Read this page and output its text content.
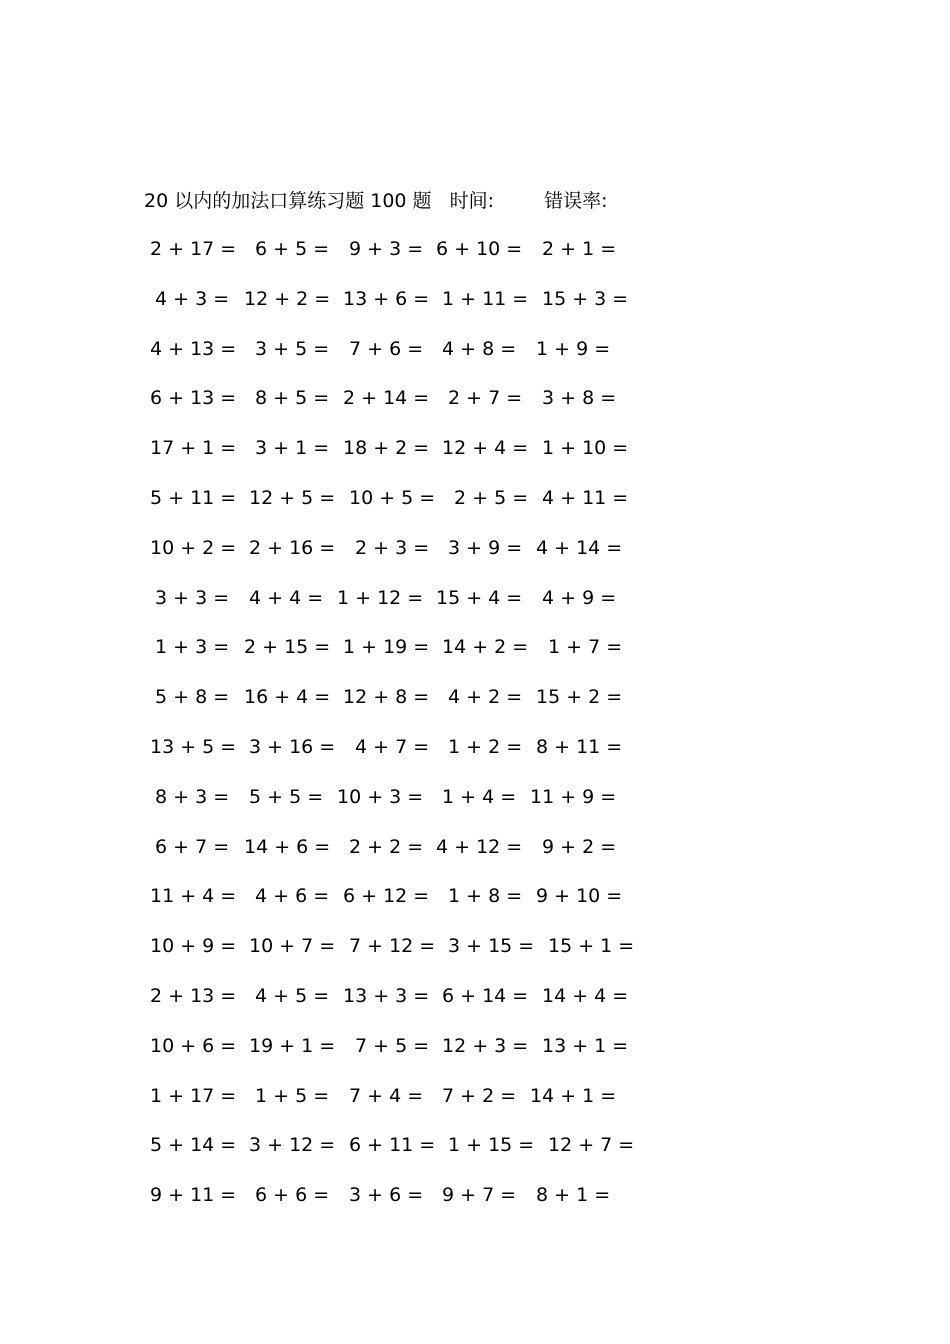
20 以内的加法口算练习题 100 题 时间:	错误率:
2 + 17 = 6 + 5 = 9 + 3 = 6 + 10 = 2 + 1 =
4 + 3 = 12 + 2 = 13 + 6 = 1 + 11 = 15 + 3 =
4 + 13 = 3 + 5 = 7 + 6 = 4 + 8 = 1 + 9 =
6 + 13 = 8 + 5 = 2 + 14 = 2 + 7 = 3 + 8 =
17 + 1 = 3 + 1 = 18 + 2 = 12 + 4 = 1 + 10 =
5 + 11 = 12 + 5 = 10 + 5 = 2 + 5 = 4 + 11 =
10 + 2 = 2 + 16 = 2 + 3 = 3 + 9 = 4 + 14 =
3 + 3 = 4 + 4 = 1 + 12 = 15 + 4 = 4 + 9 =
1 + 3 = 2 + 15 = 1 + 19 = 14 + 2 = 1 + 7 =
5 + 8 = 16 + 4 = 12 + 8 = 4 + 2 = 15 + 2 =
13 + 5 = 3 + 16 = 4 + 7 = 1 + 2 = 8 + 11 =
8 + 3 = 5 + 5 = 10 + 3 = 1 + 4 = 11 + 9 =
6 + 7 = 14 + 6 = 2 + 2 = 4 + 12 = 9 + 2 =
11 + 4 = 4 + 6 = 6 + 12 = 1 + 8 = 9 + 10 =
10 + 9 = 10 + 7 = 7 + 12 = 3 + 15 = 15 + 1 =
2 + 13 = 4 + 5 = 13 + 3 = 6 + 14 = 14 + 4 =
10 + 6 = 19 + 1 = 7 + 5 = 12 + 3 = 13 + 1 =
1 + 17 = 1 + 5 = 7 + 4 = 7 + 2 = 14 + 1 =
5 + 14 = 3 + 12 = 6 + 11 = 1 + 15 = 12 + 7 =
9 + 11 = 6 + 6 = 3 + 6 = 9 + 7 = 8 + 1 =
